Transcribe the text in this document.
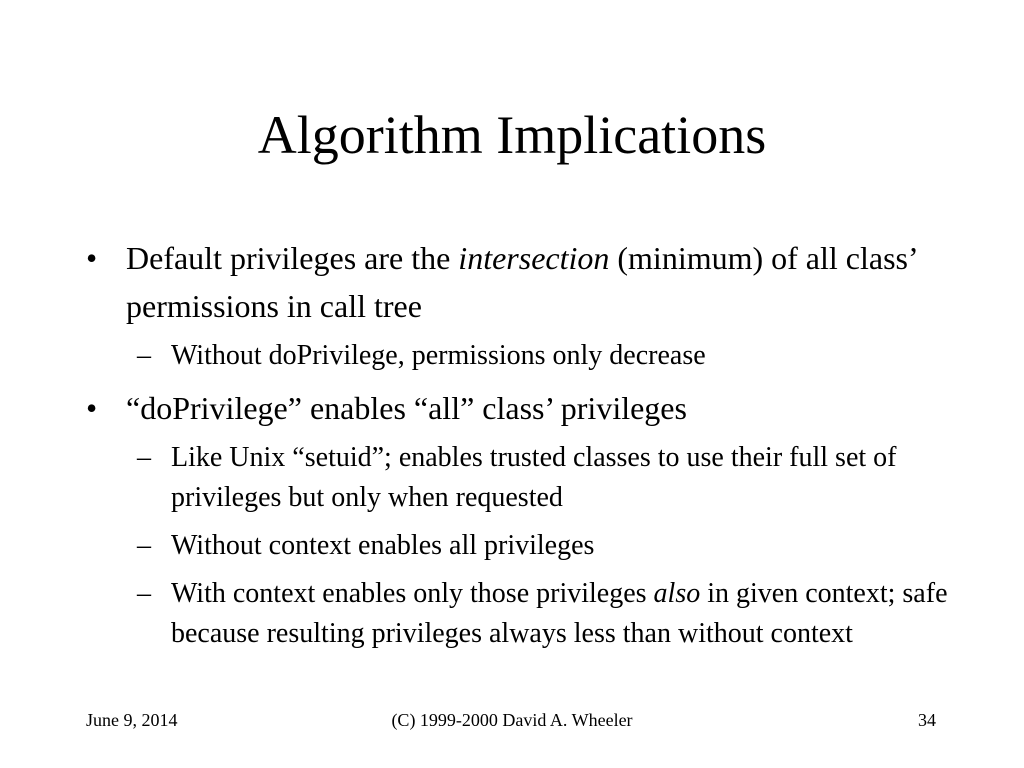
Algorithm Implications
• Default privileges are the intersection (minimum) of all class’ permissions in call tree
– Without doPrivilege, permissions only decrease
• “doPrivilege” enables “all” class’ privileges
– Like Unix “setuid”; enables trusted classes to use their full set of privileges but only when requested
– Without context enables all privileges
– With context enables only those privileges also in given context; safe because resulting privileges always less than without context
June 9, 2014	(C) 1999-2000 David A. Wheeler	34
